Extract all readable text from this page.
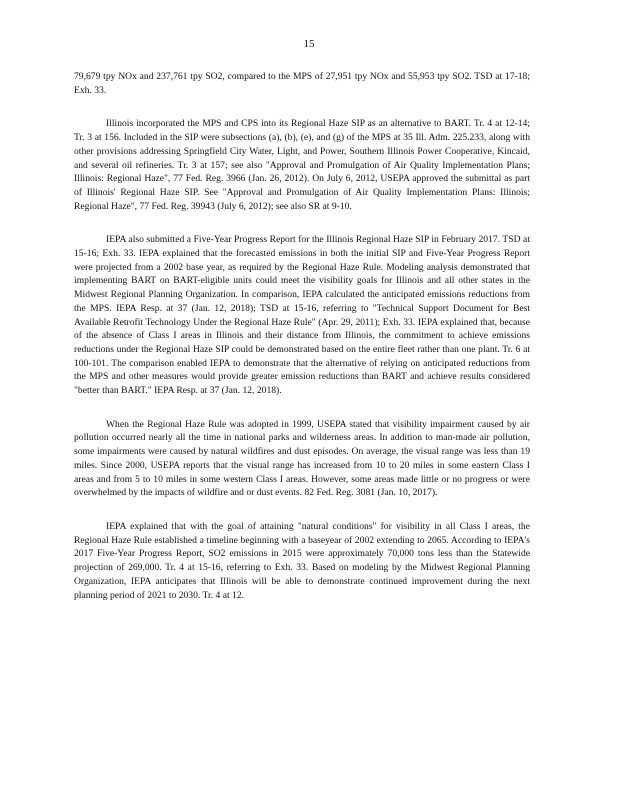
15

79,679 tpy NOx and 237,761 tpy SO2, compared to the MPS of 27,951 tpy NOx and 55,953 tpy SO2. TSD at 17-18; Exh. 33.

Illinois incorporated the MPS and CPS into its Regional Haze SIP as an alternative to BART. Tr. 4 at 12-14; Tr. 3 at 156. Included in the SIP were subsections (a), (b), (e), and (g) of the MPS at 35 Ill. Adm. 225.233, along with other provisions addressing Springfield City Water, Light, and Power, Southern Illinois Power Cooperative, Kincaid, and several oil refineries. Tr. 3 at 157; see also "Approval and Promulgation of Air Quality Implementation Plans; Illinois: Regional Haze", 77 Fed. Reg. 3966 (Jan. 26, 2012). On July 6, 2012, USEPA approved the submittal as part of Illinois' Regional Haze SIP. See "Approval and Promulgation of Air Quality Implementation Plans: Illinois; Regional Haze", 77 Fed. Reg. 39943 (July 6, 2012); see also SR at 9-10.

IEPA also submitted a Five-Year Progress Report for the Illinois Regional Haze SIP in February 2017. TSD at 15-16; Exh. 33. IEPA explained that the forecasted emissions in both the initial SIP and Five-Year Progress Report were projected from a 2002 base year, as required by the Regional Haze Rule. Modeling analysis demonstrated that implementing BART on BART-eligible units could meet the visibility goals for Illinois and all other states in the Midwest Regional Planning Organization. In comparison, IEPA calculated the anticipated emissions reductions from the MPS. IEPA Resp. at 37 (Jan. 12, 2018); TSD at 15-16, referring to "Technical Support Document for Best Available Retrofit Technology Under the Regional Haze Rule" (Apr. 29, 2011); Exh. 33. IEPA explained that, because of the absence of Class I areas in Illinois and their distance from Illinois, the commitment to achieve emissions reductions under the Regional Haze SIP could be demonstrated based on the entire fleet rather than one plant. Tr. 6 at 100-101. The comparison enabled IEPA to demonstrate that the alternative of relying on anticipated reductions from the MPS and other measures would provide greater emission reductions than BART and achieve results considered "better than BART." IEPA Resp. at 37 (Jan. 12, 2018).

When the Regional Haze Rule was adopted in 1999, USEPA stated that visibility impairment caused by air pollution occurred nearly all the time in national parks and wilderness areas. In addition to man-made air pollution, some impairments were caused by natural wildfires and dust episodes. On average, the visual range was less than 19 miles. Since 2000, USEPA reports that the visual range has increased from 10 to 20 miles in some eastern Class I areas and from 5 to 10 miles in some western Class I areas. However, some areas made little or no progress or were overwhelmed by the impacts of wildfire and or dust events. 82 Fed. Reg. 3081 (Jan. 10, 2017).

IEPA explained that with the goal of attaining "natural conditions" for visibility in all Class I areas, the Regional Haze Rule established a timeline beginning with a baseyear of 2002 extending to 2065. According to IEPA's 2017 Five-Year Progress Report, SO2 emissions in 2015 were approximately 70,000 tons less than the Statewide projection of 269,000. Tr. 4 at 15-16, referring to Exh. 33. Based on modeling by the Midwest Regional Planning Organization, IEPA anticipates that Illinois will be able to demonstrate continued improvement during the next planning period of 2021 to 2030. Tr. 4 at 12.
